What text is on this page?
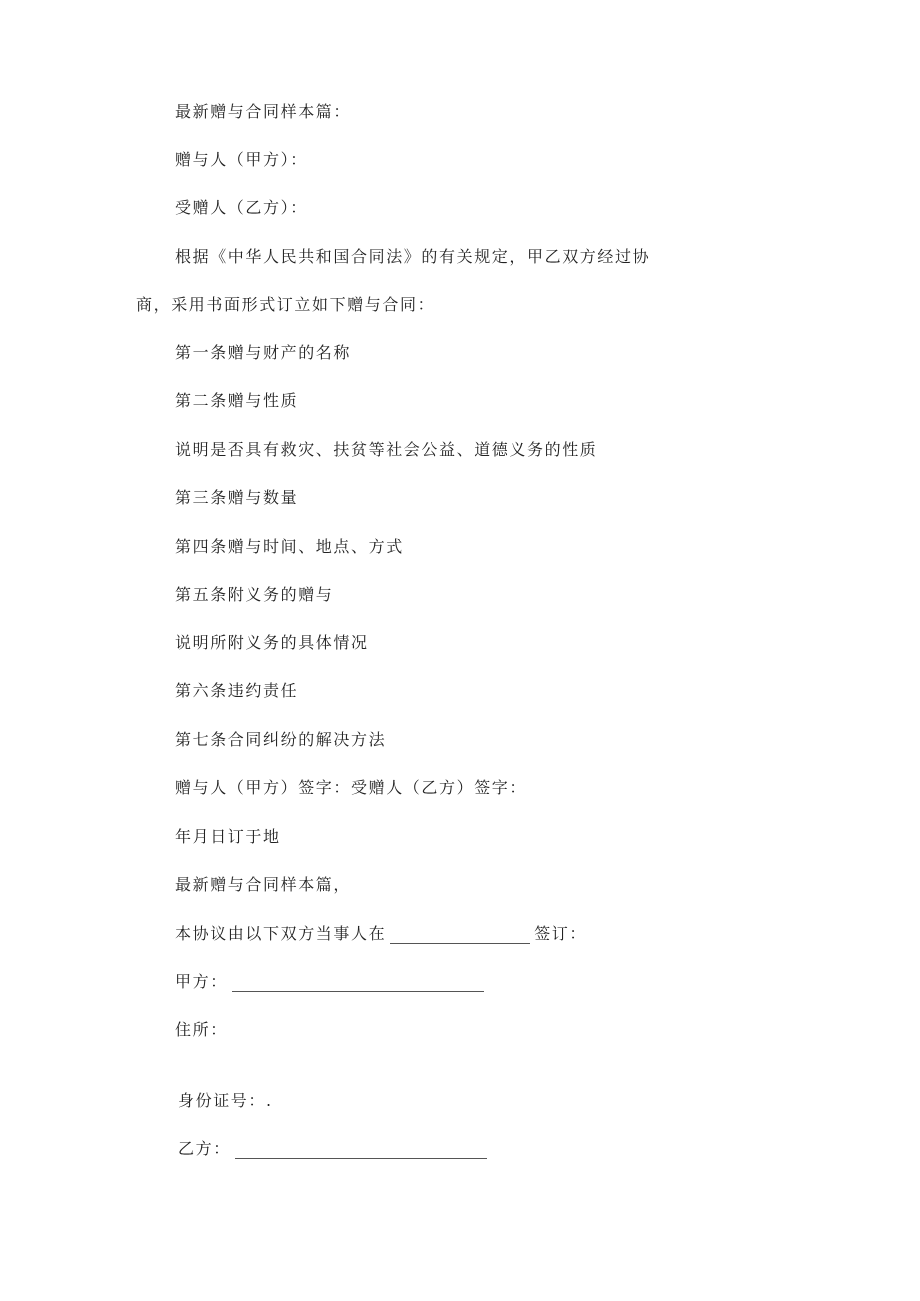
最新赠与合同样本篇：
赠与人（甲方）：
受赠人（乙方）：
根据《中华人民共和国合同法》的有关规定，甲乙双方经过协
商，采用书面形式订立如下赠与合同：
第一条赠与财产的名称
第二条赠与性质
说明是否具有救灾、扶贫等社会公益、道德义务的性质
第三条赠与数量
第四条赠与时间、地点、方式
第五条附义务的赠与
说明所附义务的具体情况
第六条违约责任
第七条合同纠纷的解决方法
赠与人（甲方）签字：受赠人（乙方）签字：
年月日订于地
最新赠与合同样本篇，
本协议由以下双方当事人在	签订：
甲方：
住所：
身份证号：.
乙方：
